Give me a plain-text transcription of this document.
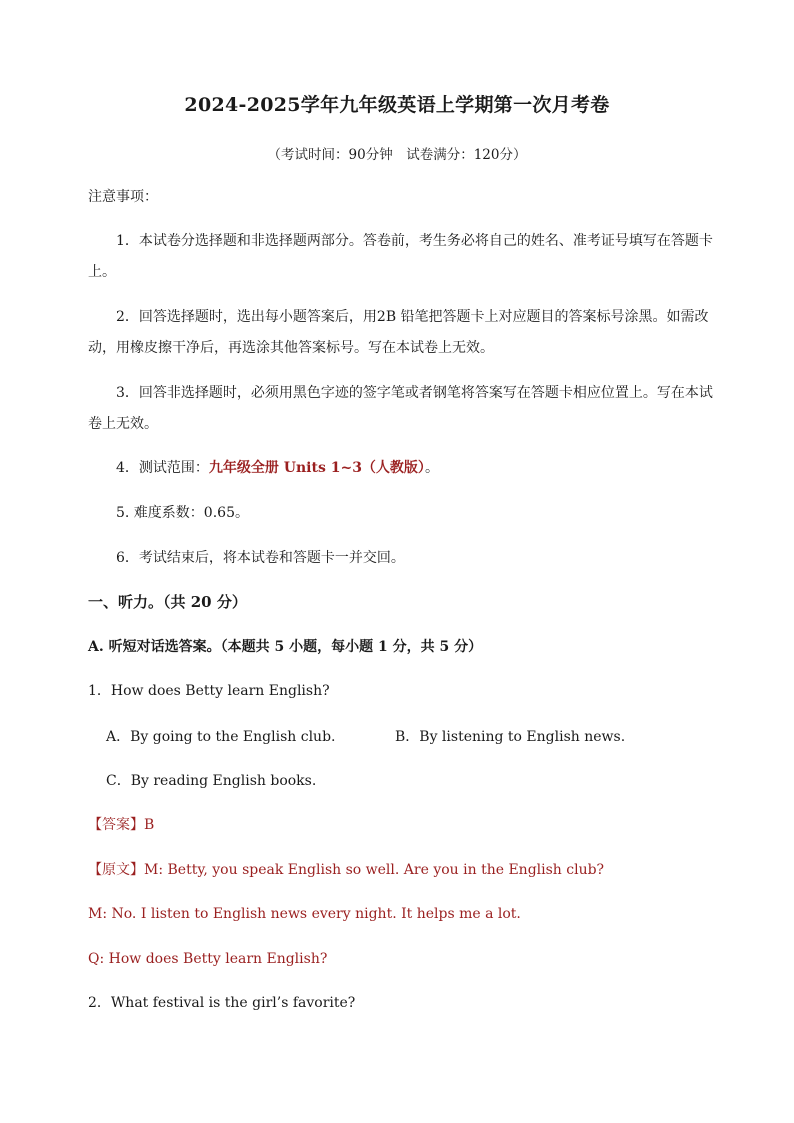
2024-2025学年九年级英语上学期第一次月考卷
（考试时间：90分钟　试卷满分：120分）
注意事项：
1．本试卷分选择题和非选择题两部分。答卷前，考生务必将自己的姓名、准考证号填写在答题卡
上。
2．回答选择题时，选出每小题答案后，用2B 铅笔把答题卡上对应题目的答案标号涂黑。如需改
动，用橡皮擦干净后，再选涂其他答案标号。写在本试卷上无效。
3．回答非选择题时，必须用黑色字迹的签字笔或者钢笔将答案写在答题卡相应位置上。写在本试
卷上无效。
4．测试范围：九年级全册 Units 1~3（人教版）。
5. 难度系数：0.65。
6．考试结束后，将本试卷和答题卡一并交回。
一、听力。（共 20 分）
A. 听短对话选答案。（本题共 5 小题，每小题 1 分，共 5 分）
1．How does Betty learn English?
A．By going to the English club.	B．By listening to English news.
C．By reading English books.
【答案】B
【原文】M: Betty, you speak English so well. Are you in the English club?
M: No. I listen to English news every night. It helps me a lot.
Q: How does Betty learn English?
2．What festival is the girl’s favorite?
